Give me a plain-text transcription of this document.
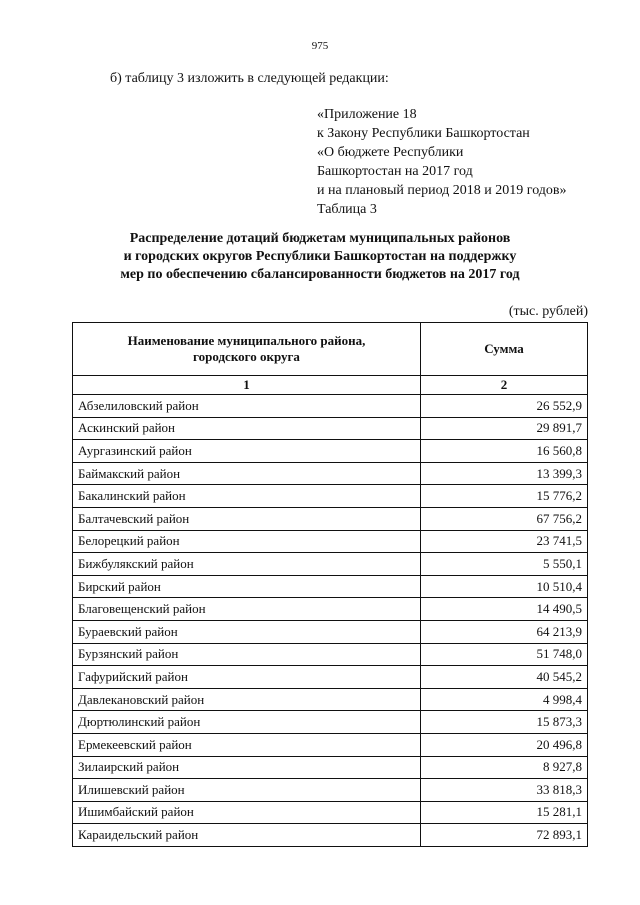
975
б) таблицу 3 изложить в следующей редакции:
«Приложение 18
к Закону Республики Башкортостан
«О бюджете Республики
Башкортостан на 2017 год
и на плановый период 2018 и 2019 годов»
Таблица 3
Распределение дотаций бюджетам муниципальных районов
и городских округов Республики Башкортостан на поддержку
мер по обеспечению сбалансированности бюджетов на 2017 год
(тыс. рублей)
Наименование муниципального района,
городского округа	Сумма
1	2
Абзелиловский район	26 552,9
Аскинский район	29 891,7
Аургазинский район	16 560,8
Баймакский район	13 399,3
Бакалинский район	15 776,2
Балтачевский район	67 756,2
Белорецкий район	23 741,5
Бижбулякский район	5 550,1
Бирский район	10 510,4
Благовещенский район	14 490,5
Бураевский район	64 213,9
Бурзянский район	51 748,0
Гафурийский район	40 545,2
Давлекановский район	4 998,4
Дюртюлинский район	15 873,3
Ермекеевский район	20 496,8
Зилаирский район	8 927,8
Илишевский район	33 818,3
Ишимбайский район	15 281,1
Караидельский район	72 893,1
